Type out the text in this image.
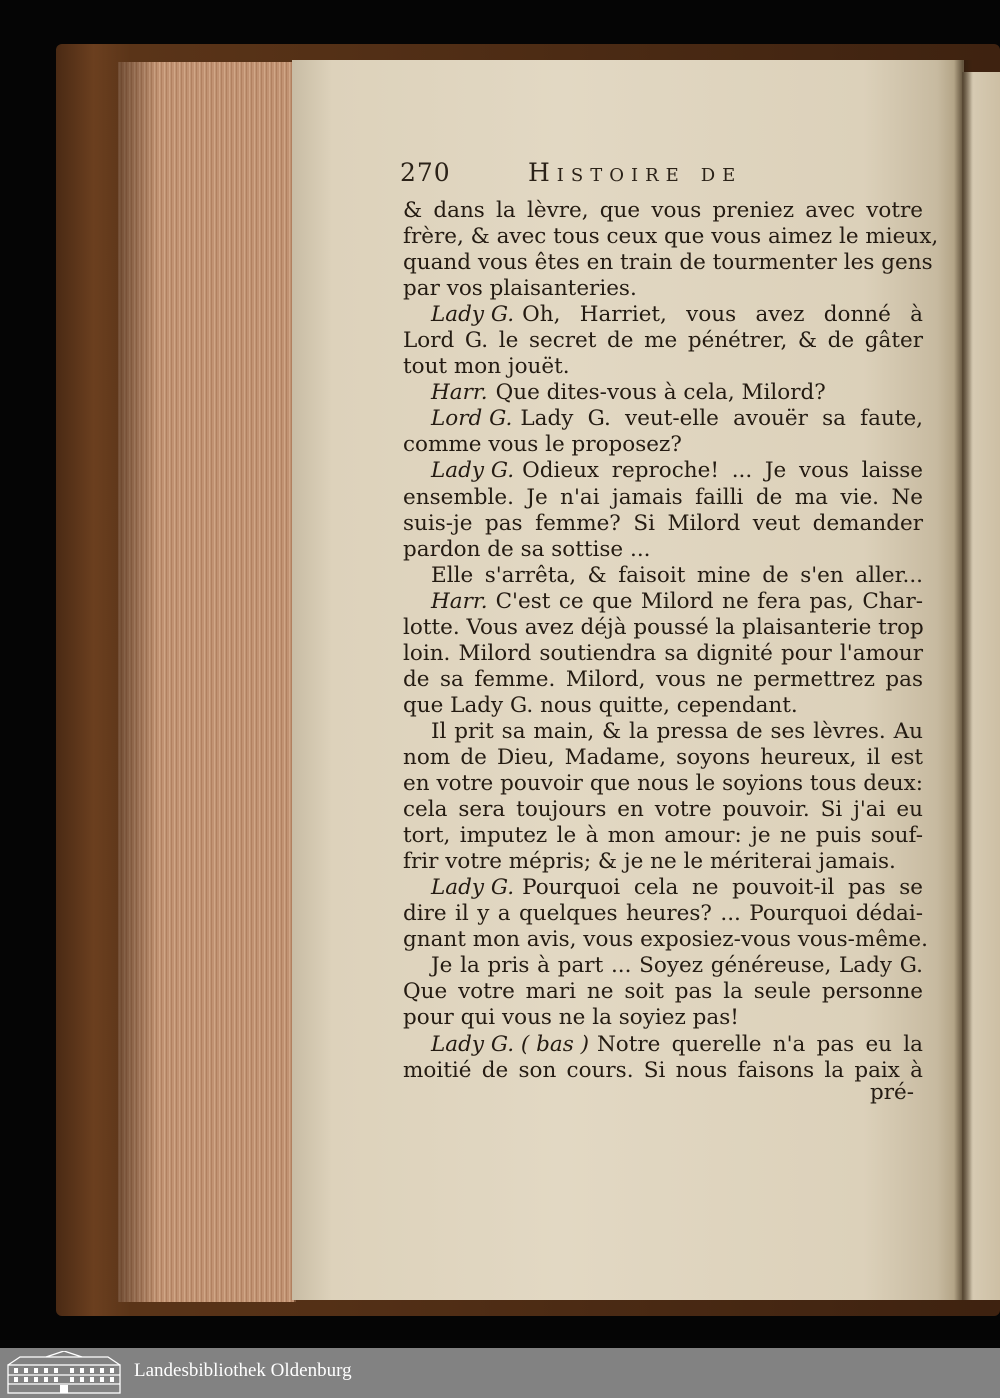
270	Histoire de
& dans la lèvre, que vous preniez avec votre
frère, & avec tous ceux que vous aimez le mieux,
quand vous êtes en train de tourmenter les gens
par vos plaisanteries.
Lady G. Oh, Harriet, vous avez donné à
Lord G. le secret de me pénétrer, & de gâter
tout mon jouët.
Harr. Que dites-vous à cela, Milord?
Lord G. Lady G. veut-elle avouër sa faute,
comme vous le proposez?
Lady G. Odieux reproche! ... Je vous laisse
ensemble. Je n'ai jamais failli de ma vie. Ne
suis-je pas femme? Si Milord veut demander
pardon de sa sottise ...
Elle s'arrêta, & faisoit mine de s'en aller...
Harr. C'est ce que Milord ne fera pas, Char-
lotte. Vous avez déjà poussé la plaisanterie trop
loin. Milord soutiendra sa dignité pour l'amour
de sa femme. Milord, vous ne permettrez pas
que Lady G. nous quitte, cependant.
Il prit sa main, & la pressa de ses lèvres. Au
nom de Dieu, Madame, soyons heureux, il est
en votre pouvoir que nous le soyions tous deux:
cela sera toujours en votre pouvoir. Si j'ai eu
tort, imputez le à mon amour: je ne puis souf-
frir votre mépris; & je ne le mériterai jamais.
Lady G. Pourquoi cela ne pouvoit-il pas se
dire il y a quelques heures? ... Pourquoi dédai-
gnant mon avis, vous exposiez-vous vous-même.
Je la pris à part ... Soyez généreuse, Lady G.
Que votre mari ne soit pas la seule personne
pour qui vous ne la soyiez pas!
Lady G. ( bas ) Notre querelle n'a pas eu la
moitié de son cours. Si nous faisons la paix à
pré-
Landesbibliothek Oldenburg
